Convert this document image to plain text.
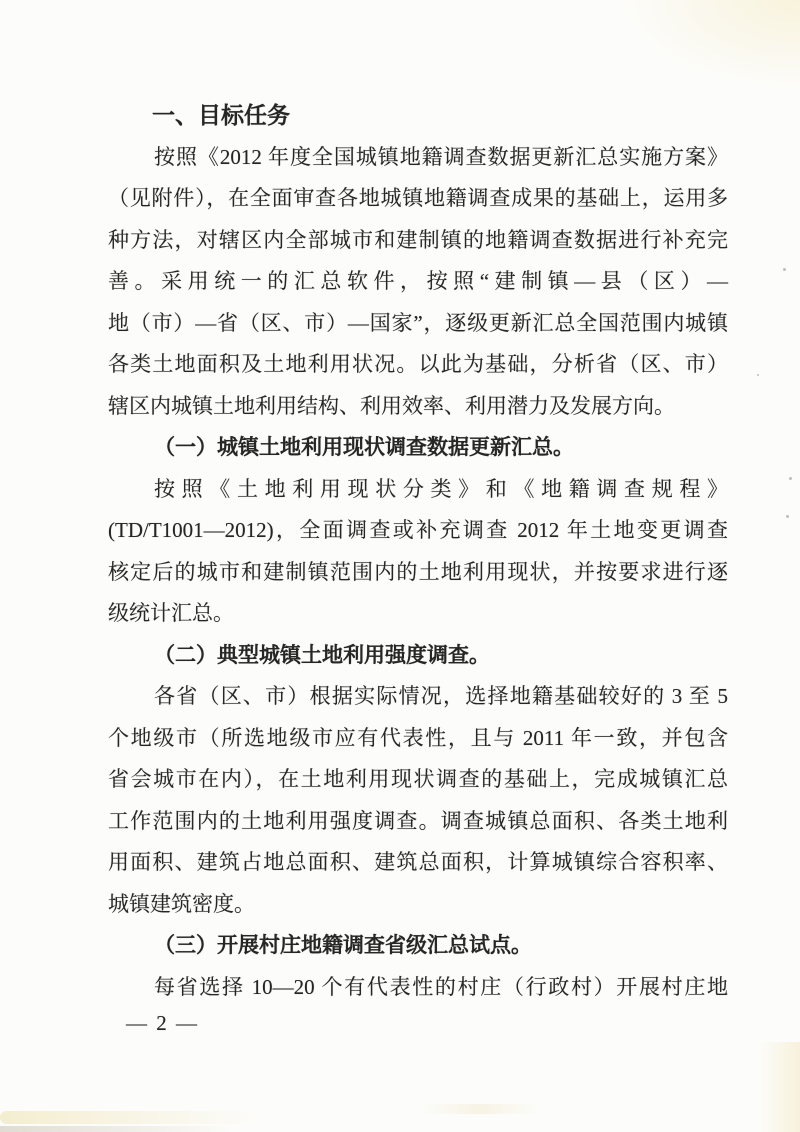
一、目标任务
按照《2012 年度全国城镇地籍调查数据更新汇总实施方案》
（见附件），在全面审查各地城镇地籍调查成果的基础上，运用多
种方法，对辖区内全部城市和建制镇的地籍调查数据进行补充完
善。采用统一的汇总软件，按照“建制镇—县（区）—
地（市）—省（区、市）—国家”，逐级更新汇总全国范围内城镇
各类土地面积及土地利用状况。以此为基础，分析省（区、市）
辖区内城镇土地利用结构、利用效率、利用潜力及发展方向。
（一）城镇土地利用现状调查数据更新汇总。
按照《土地利用现状分类》和《地籍调查规程》
(TD/T1001—2012)，全面调查或补充调查 2012 年土地变更调查
核定后的城市和建制镇范围内的土地利用现状，并按要求进行逐
级统计汇总。
（二）典型城镇土地利用强度调查。
各省（区、市）根据实际情况，选择地籍基础较好的 3 至 5
个地级市（所选地级市应有代表性，且与 2011 年一致，并包含
省会城市在内），在土地利用现状调查的基础上，完成城镇汇总
工作范围内的土地利用强度调查。调查城镇总面积、各类土地利
用面积、建筑占地总面积、建筑总面积，计算城镇综合容积率、
城镇建筑密度。
（三）开展村庄地籍调查省级汇总试点。
每省选择 10—20 个有代表性的村庄（行政村）开展村庄地
— 2 —
